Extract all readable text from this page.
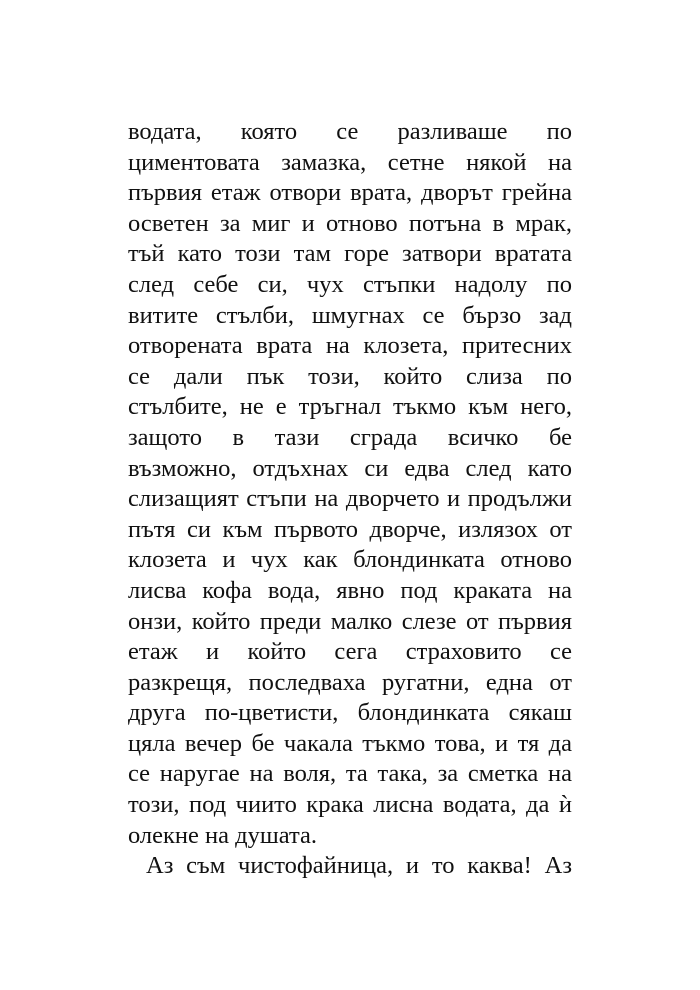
водата, която се разливаше по
циментовата замазка, сетне някой на
първия етаж отвори врата, дворът грейна
осветен за миг и отново потъна в мрак,
тъй като този там горе затвори вратата
след себе си, чух стъпки надолу по
витите стълби, шмугнах се бързо зад
отворената врата на клозета, притесних
се дали пък този, който слиза по
стълбите, не е тръгнал тъкмо към него,
защото в тази сграда всичко бе
възможно, отдъхнах си едва след като
слизащият стъпи на дворчето и продължи
пътя си към първото дворче, излязох от
клозета и чух как блондинката отново
лисва кофа вода, явно под краката на
онзи, който преди малко слезе от първия
етаж и който сега страховито се
разкрещя, последваха ругатни, една от
друга по-цветисти, блондинката сякаш
цяла вечер бе чакала тъкмо това, и тя да
се наругае на воля, та така, за сметка на
този, под чиито крака лисна водата, да ѝ
олекне на душата.
Аз съм чистофайница, и то каква! Аз
